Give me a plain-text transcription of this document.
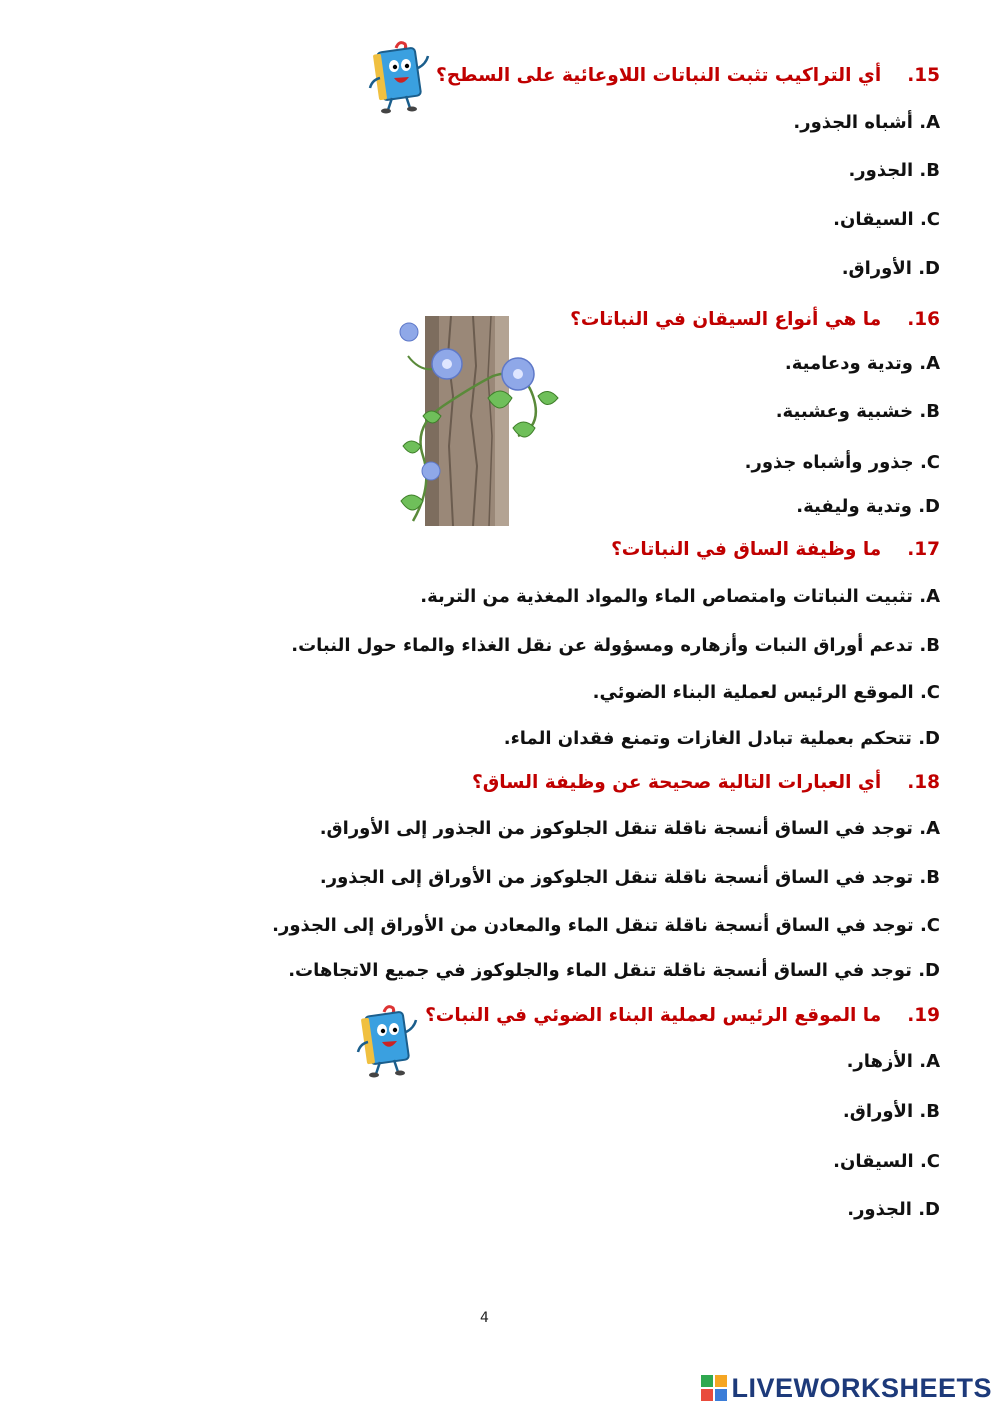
15.أي التراكيب تثبت النباتات اللاوعائية على السطح؟
A. أشباه الجذور.
B. الجذور.
C. السيقان.
D. الأوراق.
16.ما هي أنواع السيقان في النباتات؟
A. وتدية ودعامية.
B. خشبية وعشبية.
C. جذور وأشباه جذور.
D. وتدية وليفية.
17.ما وظيفة الساق في النباتات؟
A. تثبيت النباتات وامتصاص الماء والمواد المغذية من التربة.
B. تدعم أوراق النبات وأزهاره ومسؤولة عن نقل الغذاء والماء حول النبات.
C. الموقع الرئيس لعملية البناء الضوئي.
D. تتحكم بعملية تبادل الغازات وتمنع فقدان الماء.
18.أي العبارات التالية صحيحة عن وظيفة الساق؟
A. توجد في الساق أنسجة ناقلة تنقل الجلوكوز من الجذور إلى الأوراق.
B. توجد في الساق أنسجة ناقلة تنقل الجلوكوز من الأوراق إلى الجذور.
C. توجد في الساق أنسجة ناقلة تنقل الماء والمعادن من الأوراق إلى الجذور.
D. توجد في الساق أنسجة ناقلة تنقل الماء والجلوكوز في جميع الاتجاهات.
19.ما الموقع الرئيس لعملية البناء الضوئي في النبات؟
A. الأزهار.
B. الأوراق.
C. السيقان.
D. الجذور.
4
LIVEWORKSHEETS
